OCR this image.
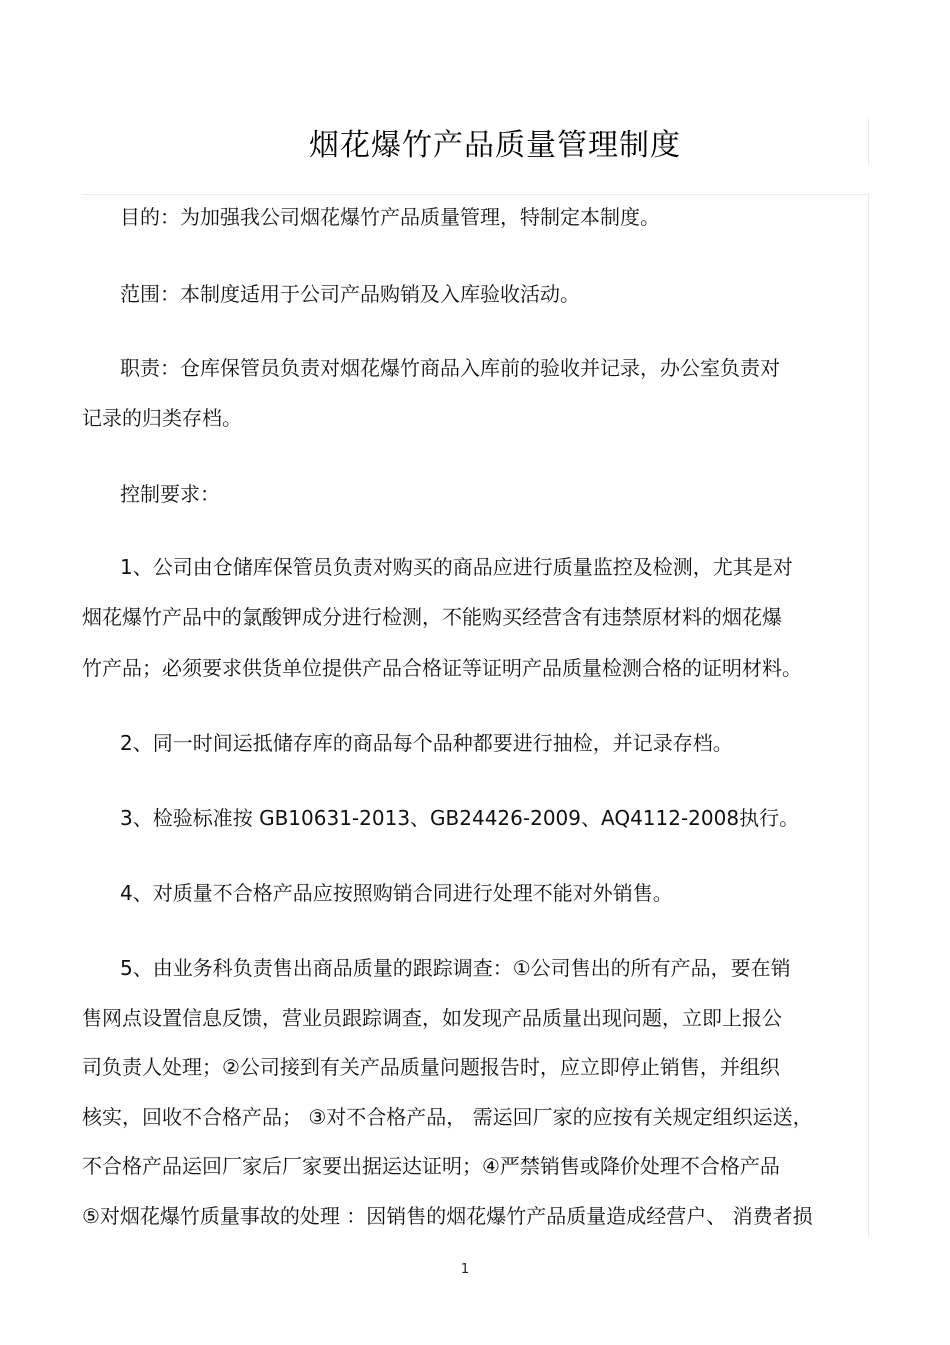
烟花爆竹产品质量管理制度
目的：为加强我公司烟花爆竹产品质量管理，特制定本制度。
范围：本制度适用于公司产品购销及入库验收活动。
职责：仓库保管员负责对烟花爆竹商品入库前的验收并记录，办公室负责对
记录的归类存档。
控制要求：
1、公司由仓储库保管员负责对购买的商品应进行质量监控及检测，尤其是对
烟花爆竹产品中的氯酸钾成分进行检测，不能购买经营含有违禁原材料的烟花爆
竹产品；必须要求供货单位提供产品合格证等证明产品质量检测合格的证明材料。
2、同一时间运抵储存库的商品每个品种都要进行抽检，并记录存档。
3、检验标准按 GB10631-2013、GB24426-2009、AQ4112-2008执行。
4、对质量不合格产品应按照购销合同进行处理不能对外销售。
5、由业务科负责售出商品质量的跟踪调查：①公司售出的所有产品，要在销
售网点设置信息反馈，营业员跟踪调查，如发现产品质量出现问题，立即上报公
司负责人处理；②公司接到有关产品质量问题报告时，应立即停止销售，并组织
核实，回收不合格产品； ③对不合格产品， 需运回厂家的应按有关规定组织运送，
不合格产品运回厂家后厂家要出据运达证明；④严禁销售或降价处理不合格产品
⑤对烟花爆竹质量事故的处理 ：因销售的烟花爆竹产品质量造成经营户、 消费者损
1
